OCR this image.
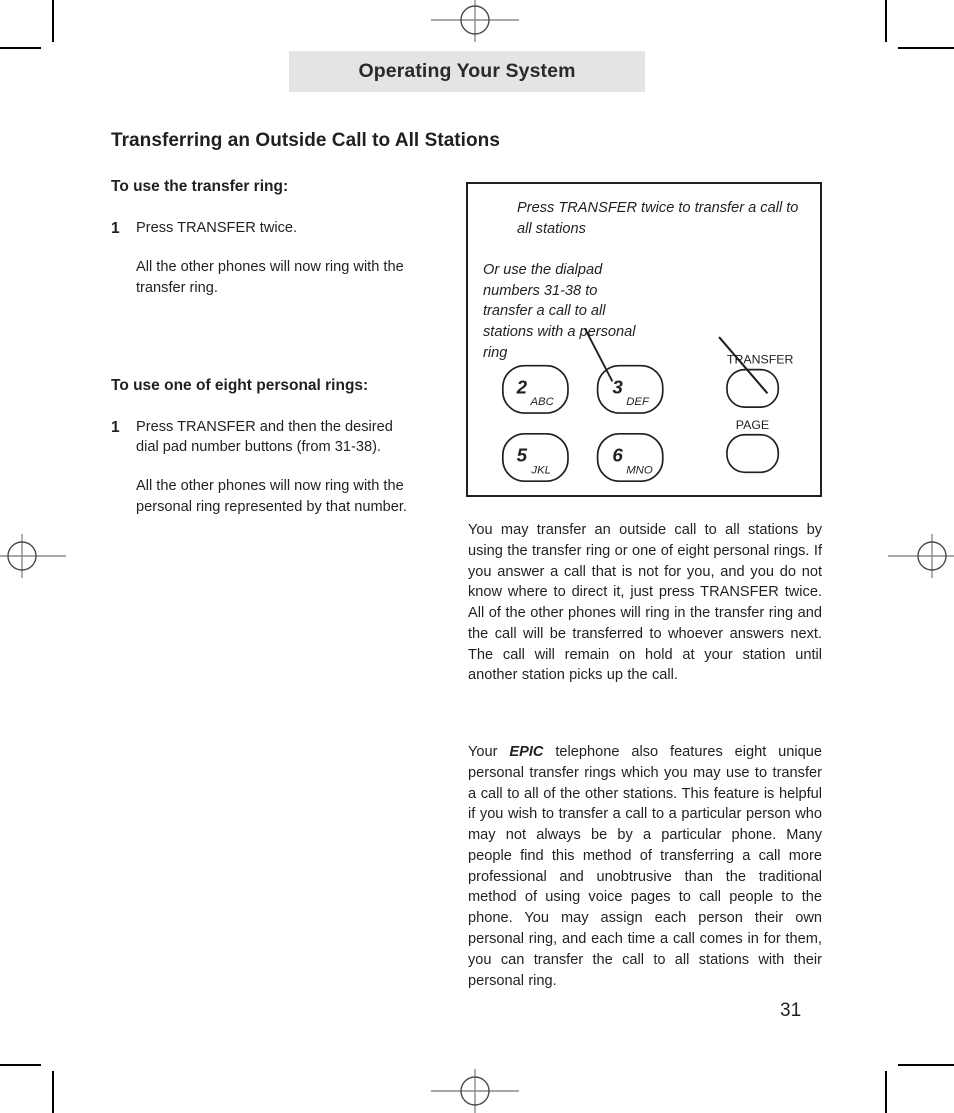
Operating Your System
Transferring an Outside Call to All Stations
To use the transfer ring:
1 Press TRANSFER twice.
All the other phones will now ring with the transfer ring.
To use one of eight personal rings:
1 Press TRANSFER and then the desired dial pad number buttons (from 31-38).
All the other phones will now ring with the personal ring represented by that number.
Press TRANSFER twice to transfer a call to all stations
Or use the dialpad numbers 31-38 to transfer a call to all stations with a personal ring
2
ABC
3
DEF
5
JKL
6
MNO
TRANSFER
PAGE

You may transfer an outside call to all stations by using the transfer ring or one of eight personal rings. If you answer a call that is not for you, and you do not know where to direct it, just press TRANSFER twice. All of the other phones will ring in the transfer ring and the call will be transferred to whoever answers next. The call will remain on hold at your station until another station picks up the call.

Your EPIC telephone also features eight unique personal transfer rings which you may use to transfer a call to all of the other stations. This feature is helpful if you wish to transfer a call to a particular person who may not always be by a particular phone. Many people find this method of transferring a call more professional and unobtrusive than the traditional method of using voice pages to call people to the phone. You may assign each person their own personal ring, and each time a call comes in for them, you can transfer the call to all stations with their personal ring.

31
